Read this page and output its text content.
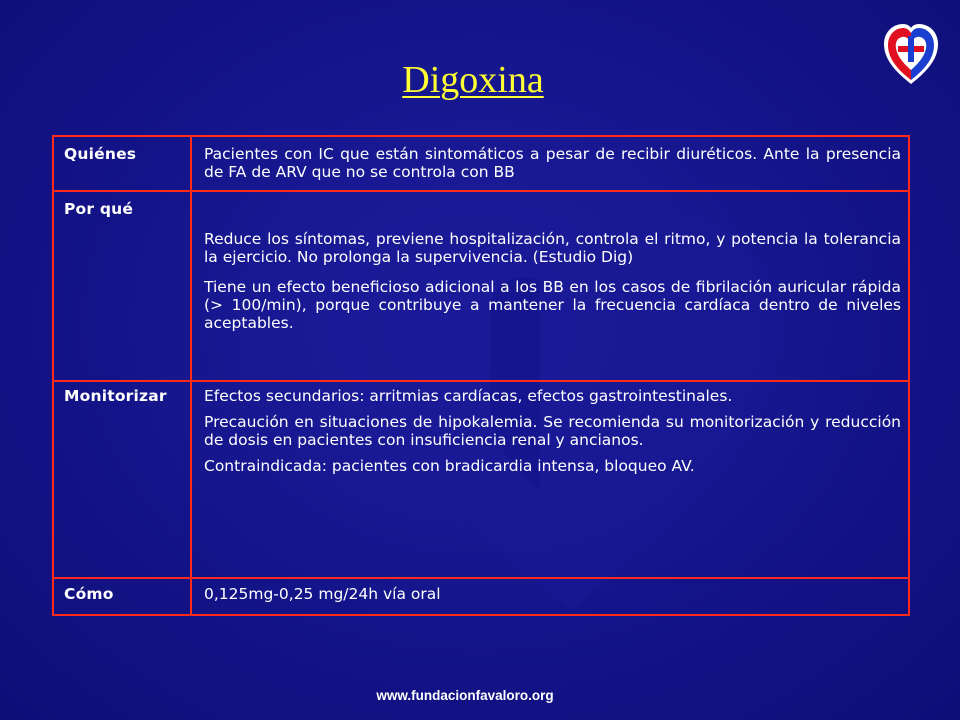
Digoxina
Quiénes	Pacientes con IC que están sintomáticos a pesar de recibir diuréticos. Ante la presencia de FA de ARV que no se controla con BB

Por qué

Reduce los síntomas, previene hospitalización, controla el ritmo, y potencia la tolerancia la ejercicio. No prolonga la supervivencia. (Estudio Dig)

Tiene un efecto beneficioso adicional a los BB en los casos de fibrilación auricular rápida (> 100/min), porque contribuye a mantener la frecuencia cardíaca dentro de niveles aceptables.

Monitorizar Efectos secundarios: arritmias cardíacas, efectos gastrointestinales.

Precaución en situaciones de hipokalemia. Se recomienda su monitorización y reducción de dosis en pacientes con insuficiencia renal y ancianos.

Contraindicada: pacientes con bradicardia intensa, bloqueo AV.

Cómo	0,125mg-0,25 mg/24h vía oral

www.fundacionfavaloro.org
